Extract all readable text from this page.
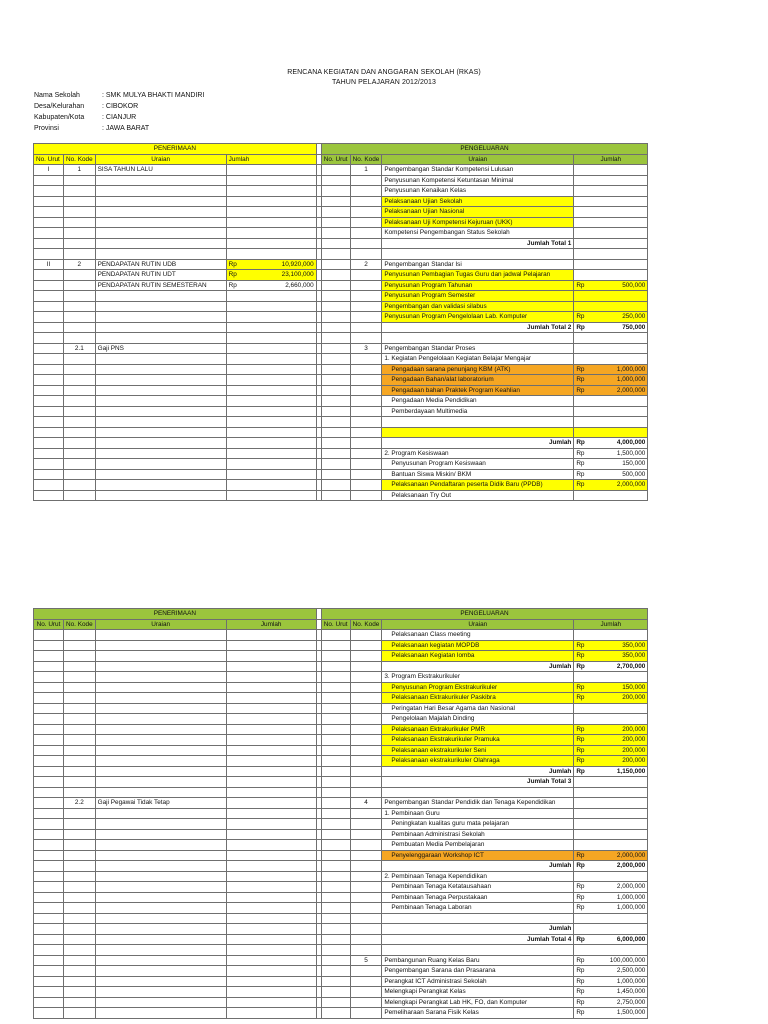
RENCANA KEGIATAN DAN ANGGARAN SEKOLAH (RKAS)
TAHUN PELAJARAN 2012/2013
Nama Sekolah	: SMK MULYA BHAKTI MANDIRI
Desa/Kelurahan	: CIBOKOR
Kabupaten/Kota	: CIANJUR
Provinsi	: JAWA BARAT
PENERIMAAN					PENGELUARAN			
No. Urut	No. Kode	Uraian	Jumlah		No. Urut	No. Kode	Uraian	Jumlah
I	1	SISA TAHUN LALU				1	Pengembangan Standar Kompetensi Lulusan	
							Penyusunan Kompetensi Ketuntasan Minimal	
							Penyusunan Kenaikan Kelas	
							Pelaksanaan Ujian Sekolah	
							Pelaksanaan Ujian Nasional	
							Pelaksanaan Uji Kompetensi Kejuruan (UKK)	
							Kompetensi Pengembangan Status Sekolah	
							Jumlah Total 1	

II	2	PENDAPATAN RUTIN UDB	Rp 10,920,000			2	Pengembangan Standar Isi	
		PENDAPATAN RUTIN UDT	Rp 23,100,000				Penyusunan Pembagian Tugas Guru dan jadwal Pelajaran	
		PENDAPATAN RUTIN SEMESTERAN	Rp 2,660,000				Penyusunan Program Tahunan	Rp 500,000

							Penyusunan Program Semester	
							Pengembangan dan validasi silabus	
							Penyusunan Program Pengelolaan Lab. Komputer	Rp 250,000

							Jumlah Total 2	Rp 750,000

	2.1	Gaji PNS				3	Pengembangan Standar Proses	
							1. Kegiatan Pengelolaan Kegiatan Belajar Mengajar	
							Pengadaan sarana penunjang KBM (ATK)	Rp 1,000,000

							Pengadaan Bahan/alat laboratorium	Rp 1,000,000

							Pengadaan bahan Praktek Program Keahlian	Rp 2,000,000

							Pengadaan Media Pendidikan	
							Pemberdayaan Multimedia	

							Jumlah	Rp 4,000,000

							2. Program Kesiswaan	Rp 1,500,000

							Penyusunan Program Kesiswaan	Rp 150,000

							Bantuan Siswa Miskin/ BKM	Rp 500,000

							Pelaksanaan Pendaftaran peserta Didik Baru (PPDB)	Rp 2,000,000

							Pelaksanaan Try Out	
PENERIMAAN					PENGELUARAN			
No. Urut	No. Kode	Uraian	Jumlah		No. Urut	No. Kode	Uraian	Jumlah
							Pelaksanaan Class meeting	
							Pelaksanaan kegiatan MOPDB	Rp 350,000

							Pelaksanaan Kegiatan lomba	Rp 350,000

							Jumlah	Rp 2,700,000

							3. Program Ekstrakurikuler	
							Penyusunan Program Ekstrakurikuler	Rp 150,000

							Pelaksanaan Ektrakurikuler Paskibra	Rp 200,000

							Peringatan Hari Besar Agama dan Nasional	
							Pengelolaan Majalah Dinding	
							Pelaksanaan Ektrakurikuler PMR	Rp 200,000

							Pelaksanaan Ekstrakurikuler Pramuka	Rp 200,000

							Pelaksanaan ekstrakurikuler Seni	Rp 200,000

							Pelaksanaan ekstrakurikuler Olahraga	Rp 200,000

							Jumlah	Rp 1,150,000

							Jumlah Total 3	

	2.2	Gaji Pegawai Tidak Tetap				4	Pengembangan Standar Pendidik dan Tenaga Kependidikan	
							1. Pembinaan Guru	
							Peningkatan kualitas guru mata pelajaran	
							Pembinaan Administrasi Sekolah	
							Pembuatan Media Pembelajaran	
							Penyelenggaraan Workshop ICT	Rp 2,000,000

							Jumlah	Rp 2,000,000

							2. Pembinaan Tenaga Kependidikan	
							Pembinaan Tenaga Ketatausahaan	Rp 2,000,000

							Pembinaan Tenaga Perpustakaan	Rp 1,000,000

							Pembinaan Tenaga Laboran	Rp 1,000,000

							Jumlah	
							Jumlah Total 4	Rp 6,000,000

						5	Pembangunan Ruang Kelas Baru	Rp 100,000,000

							Pengembangan Sarana dan Prasarana	Rp 2,500,000

							Perangkat ICT Administrasi Sekolah	Rp 1,000,000

							Melengkapi Perangkat Kelas	Rp 1,450,000

							Melengkapi Perangkat Lab HK, FO, dan Komputer	Rp 2,750,000

							Pemeliharaan Sarana Fisik Kelas	Rp 1,500,000
